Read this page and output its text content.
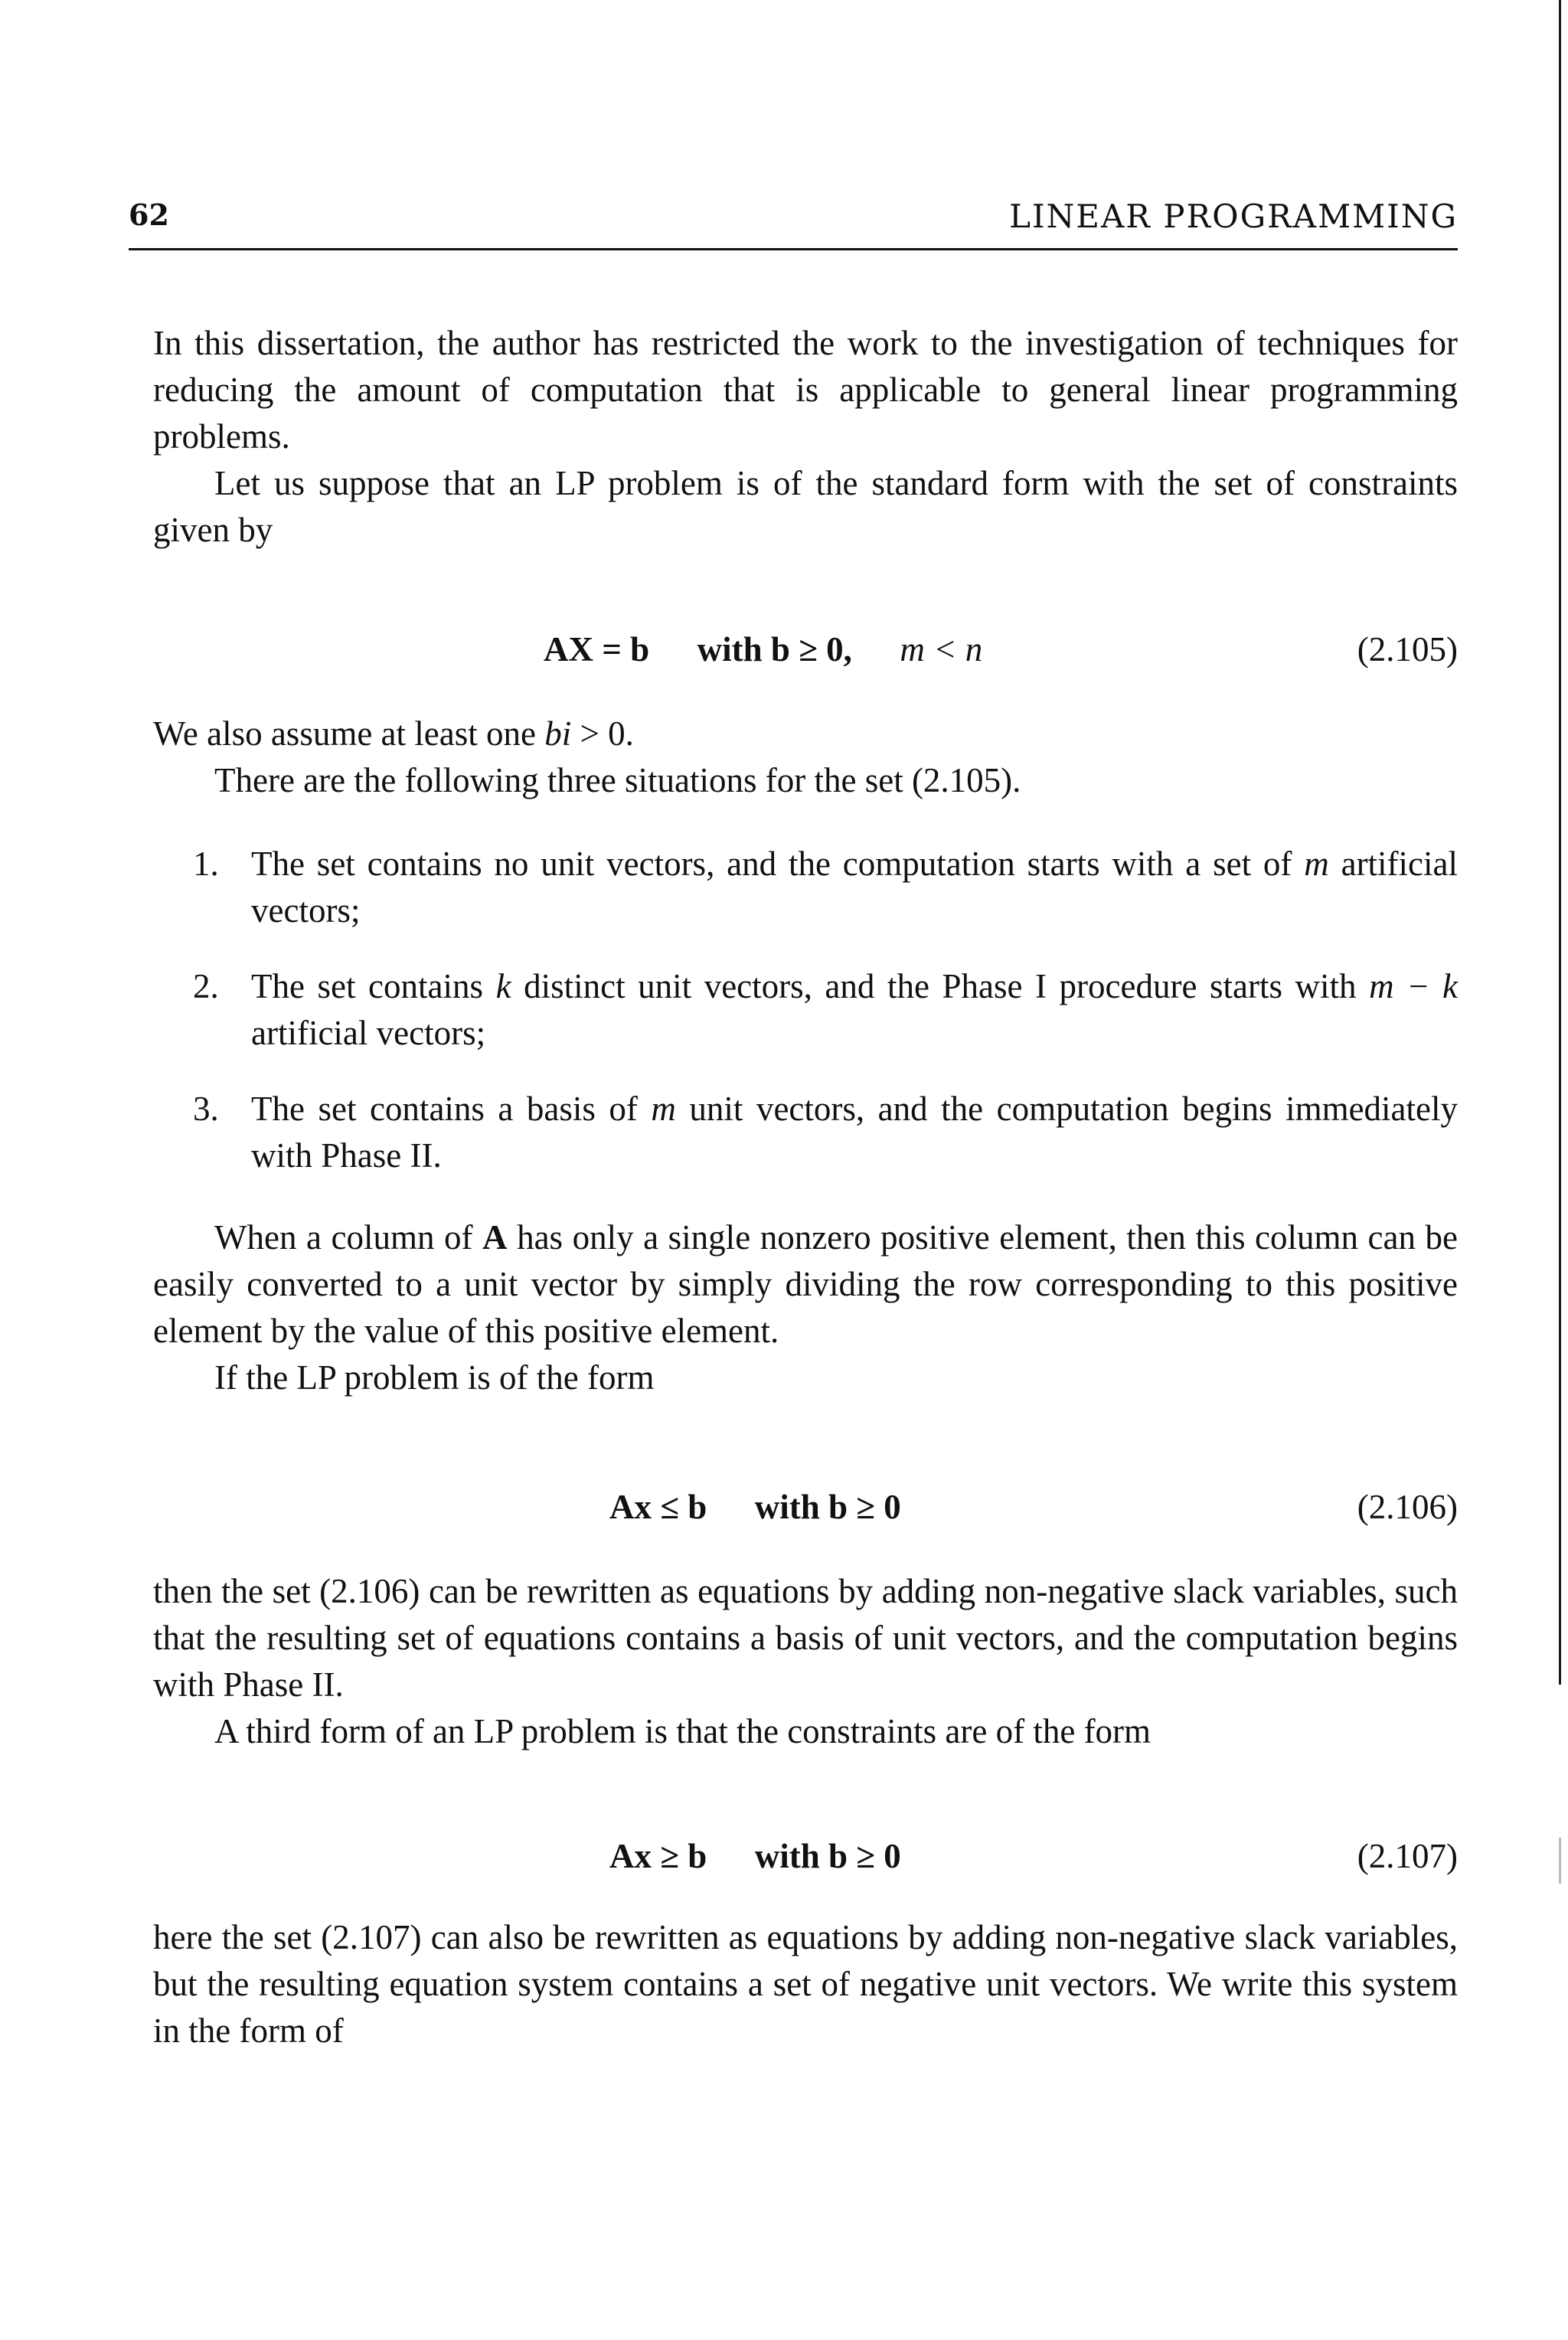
62	LINEAR PROGRAMMING

In this dissertation, the author has restricted the work to the investigation of techniques for reducing the amount of computation that is applicable to general linear programming problems.

Let us suppose that an LP problem is of the standard form with the set of constraints given by

AX = b with b ≥ 0, m < n	(2.105)

We also assume at least one bi > 0.

There are the following three situations for the set (2.105).

1. The set contains no unit vectors, and the computation starts with a set of m artificial vectors;
2. The set contains k distinct unit vectors, and the Phase I procedure starts with m − k artificial vectors;
3. The set contains a basis of m unit vectors, and the computation begins immediately with Phase II.

When a column of A has only a single nonzero positive element, then this column can be easily converted to a unit vector by simply dividing the row corresponding to this positive element by the value of this positive element.

If the LP problem is of the form

Ax ≤ b with b ≥ 0	(2.106)

then the set (2.106) can be rewritten as equations by adding non-negative slack variables, such that the resulting set of equations contains a basis of unit vectors, and the computation begins with Phase II.

A third form of an LP problem is that the constraints are of the form

Ax ≥ b with b ≥ 0	(2.107)

here the set (2.107) can also be rewritten as equations by adding non-negative slack variables, but the resulting equation system contains a set of negative unit vectors. We write this system in the form of
